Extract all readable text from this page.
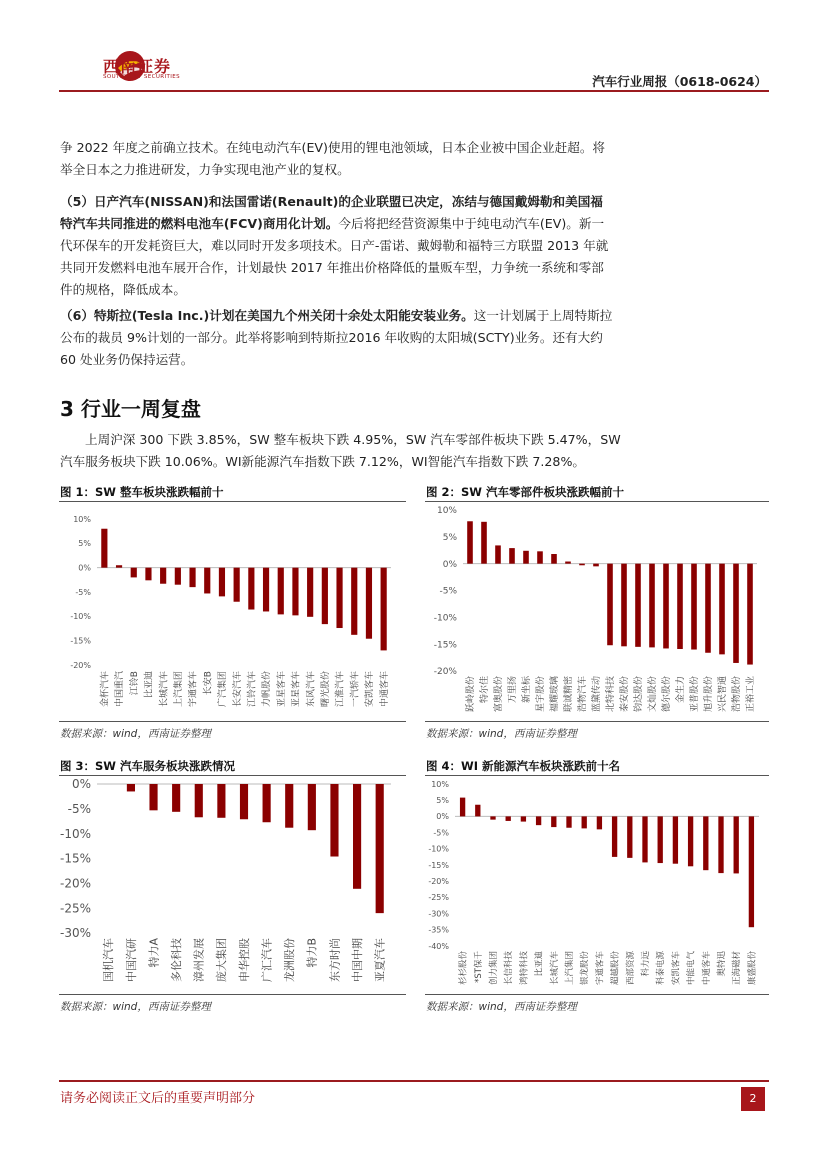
西南证券
SOUTHWEST SECURITIES	汽车行业周报（0618-0624）

争 2022 年度之前确立技术。在纯电动汽车(EV)使用的锂电池领域，日本企业被中国企业赶超。将举全日本之力推进研发，力争实现电池产业的复权。

（5）日产汽车(NISSAN)和法国雷诺(Renault)的企业联盟已决定，冻结与德国戴姆勒和美国福特汽车共同推进的燃料电池车(FCV)商用化计划。今后将把经营资源集中于纯电动汽车(EV)。新一代环保车的开发耗资巨大，难以同时开发多项技术。日产-雷诺、戴姆勒和福特三方联盟 2013 年就共同开发燃料电池车展开合作，计划最快 2017 年推出价格降低的量贩车型，力争统一系统和零部件的规格，降低成本。

（6）特斯拉(Tesla Inc.)计划在美国九个州关闭十余处太阳能安装业务。这一计划属于上周特斯拉公布的裁员 9%计划的一部分。此举将影响到特斯拉2016 年收购的太阳城(SCTY)业务。还有大约 60 处业务仍保持运营。

3 行业一周复盘

上周沪深 300 下跌 3.85%，SW 整车板块下跌 4.95%，SW 汽车零部件板块下跌 5.47%，SW 汽车服务板块下跌 10.06%。WI新能源汽车指数下跌 7.12%，WI智能汽车指数下跌 7.28%。

图 1：SW 整车板块涨跌幅前十	图 2：SW 汽车零部件板块涨跌幅前十
10%
5%
0%
-5%
-10%
-15%
-20%
金杯汽车 中国重汽 江铃B 比亚迪 长城汽车 上汽集团 宇通客车 长安B 广汽集团 长安汽车 江铃汽车 力帆股份 亚星客车 亚星客车 东风汽车 曙光股份 江淮汽车 一汽轿车 安凯客车 中通客车
10%
5%
0%
-5%
-10%
-15%
-20%
跃岭股份 特尔佳 富奥股份 万里扬 新坐标 星宇股份 福耀玻璃 联诚精密 浩物汽车 蓝黛传动 北特科技 泰安股份 钧达股份 文灿股份 德尔股份 金生力 亚普股份 旭升股份 兴民智通 浩物股份 正裕工业
数据来源：wind，西南证券整理	数据来源：wind，西南证券整理
图 3：SW 汽车服务板块涨跌情况	图 4：WI 新能源汽车板块涨跌前十名
0%
-5%
-10%
-15%
-20%
-25%
-30%
国机汽车 中国汽研 特力A 多伦科技 漳州发展 庞大集团 申华控股 广汇汽车 龙洲股份 特力B 东方时尚 中国中期 亚夏汽车
10%
5%
0%
-5%
-10%
-15%
-20%
-25%
-30%
-35%
-40%
杉杉股份 *ST保千 创力集团 长信科技 鸿特科技 比亚迪 长城汽车 上汽集团 银龙股份 宇通客车 超越股份 西部资源 科力远 科泰电源 安凯客车 中能电气 中通客车 奥特迅 正海磁材 康盛股份
数据来源：wind，西南证券整理	数据来源：wind，西南证券整理
请务必阅读正文后的重要声明部分	2
